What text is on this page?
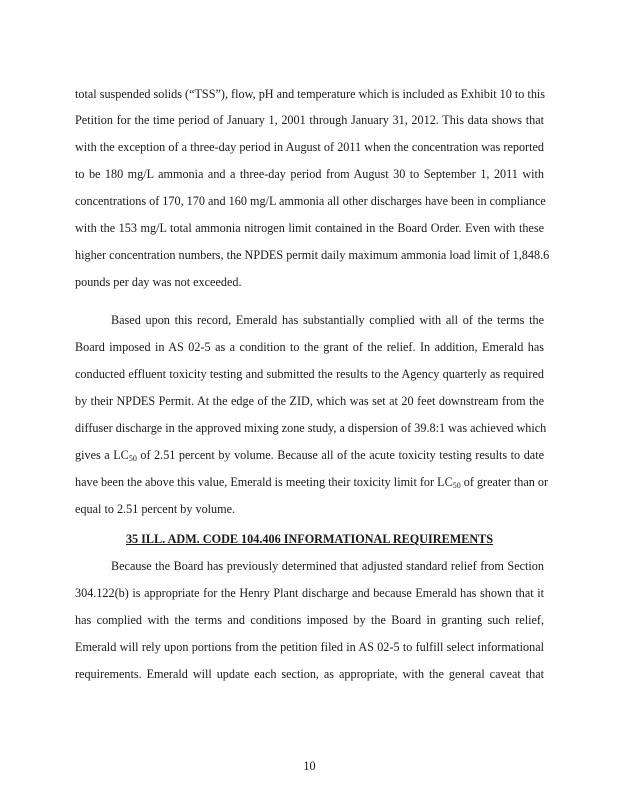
total suspended solids (“TSS”), flow, pH and temperature which is included as Exhibit 10 to this
Petition for the time period of January 1, 2001 through January 31, 2012. This data shows that
with the exception of a three-day period in August of 2011 when the concentration was reported
to be 180 mg/L ammonia and a three-day period from August 30 to September 1, 2011 with
concentrations of 170, 170 and 160 mg/L ammonia all other discharges have been in compliance
with the 153 mg/L total ammonia nitrogen limit contained in the Board Order. Even with these
higher concentration numbers, the NPDES permit daily maximum ammonia load limit of 1,848.6
pounds per day was not exceeded.
Based upon this record, Emerald has substantially complied with all of the terms the
Board imposed in AS 02-5 as a condition to the grant of the relief. In addition, Emerald has
conducted effluent toxicity testing and submitted the results to the Agency quarterly as required
by their NPDES Permit. At the edge of the ZID, which was set at 20 feet downstream from the
diffuser discharge in the approved mixing zone study, a dispersion of 39.8:1 was achieved which
gives a $LC_{50}$ of 2.51 percent by volume. Because all of the acute toxicity testing results to date
have been the above this value, Emerald is meeting their toxicity limit for $LC_{50}$ of greater than or
equal to 2.51 percent by volume.
35 ILL. ADM. CODE 104.406 INFORMATIONAL REQUIREMENTS
Because the Board has previously determined that adjusted standard relief from Section
304.122(b) is appropriate for the Henry Plant discharge and because Emerald has shown that it
has complied with the terms and conditions imposed by the Board in granting such relief,
Emerald will rely upon portions from the petition filed in AS 02-5 to fulfill select informational
requirements. Emerald will update each section, as appropriate, with the general caveat that
10
